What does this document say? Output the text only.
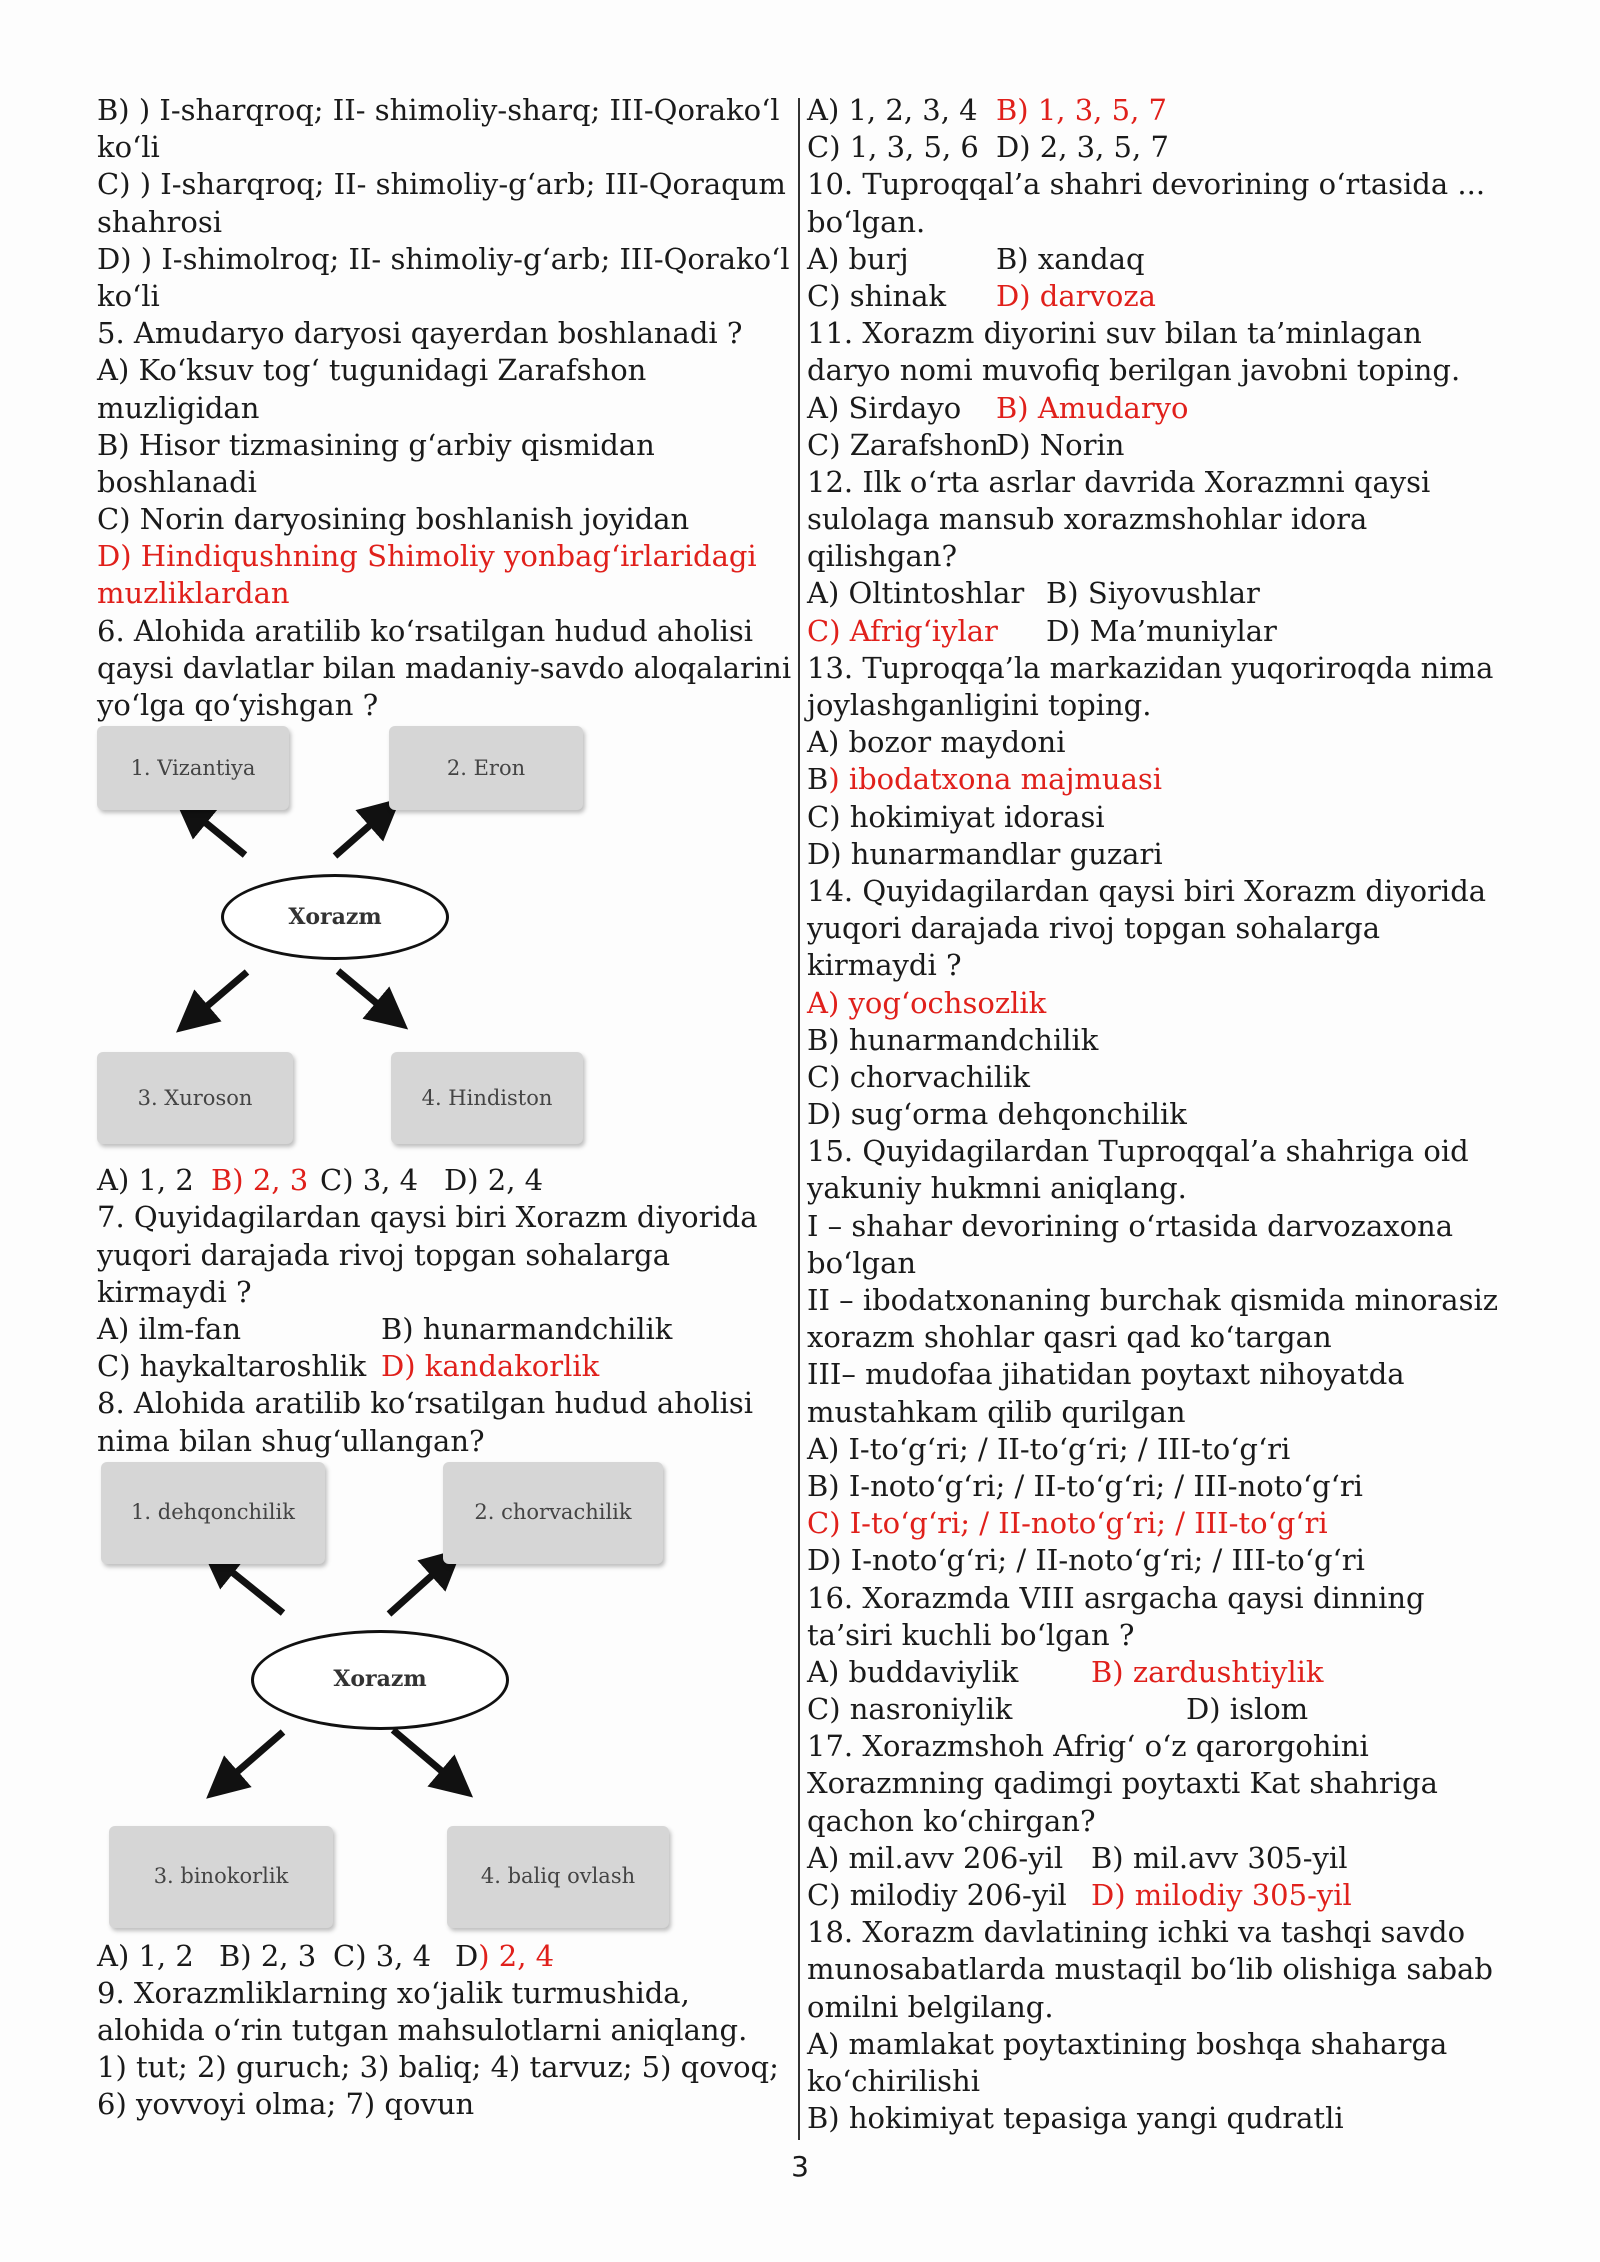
B) ) I-sharqroq; II- shimoliy-sharq; III-Qorako‘l
ko‘li
C) ) I-sharqroq; II- shimoliy-g‘arb; III-Qoraqum
shahrosi
D) ) I-shimolroq; II- shimoliy-g‘arb; III-Qorako‘l
ko‘li
5. Amudaryo daryosi qayerdan boshlanadi ?
A) Ko‘ksuv tog‘ tugunidagi Zarafshon
muzligidan
B) Hisor tizmasining g‘arbiy qismidan
boshlanadi
C) Norin daryosining boshlanish joyidan
D) Hindiqushning Shimoliy yonbag‘irlaridagi
muzliklardan
6. Alohida aratilib ko‘rsatilgan hudud aholisi
qaysi davlatlar bilan madaniy-savdo aloqalarini
yo‘lga qo‘yishgan ?
1. Vizantiya	2. Eron
Xorazm
3. Xuroson	4. Hindiston
A) 1, 2 B) 2, 3 C) 3, 4 D) 2, 4
7. Quyidagilardan qaysi biri Xorazm diyorida
yuqori darajada rivoj topgan sohalarga
kirmaydi ?
A) ilm-fan	B) hunarmandchilik
C) haykaltaroshlik D) kandakorlik
8. Alohida aratilib ko‘rsatilgan hudud aholisi
nima bilan shug‘ullangan?
1. dehqonchilik	2. chorvachilik
Xorazm
3. binokorlik	4. baliq ovlash
A) 1, 2 B) 2, 3 C) 3, 4 D) 2, 4
9. Xorazmliklarning xo‘jalik turmushida,
alohida o‘rin tutgan mahsulotlarni aniqlang.
1) tut; 2) guruch; 3) baliq; 4) tarvuz; 5) qovoq;
6) yovvoyi olma; 7) qovun
A) 1, 2, 3, 4 B) 1, 3, 5, 7
C) 1, 3, 5, 6 D) 2, 3, 5, 7
10. Tuproqqal’a shahri devorining o‘rtasida ...
bo‘lgan.
A) burj	B) xandaq
C) shinak D) darvoza
11. Xorazm diyorini suv bilan ta’minlagan
daryo nomi muvofiq berilgan javobni toping.
A) Sirdayo B) Amudaryo
C) ZarafshonD) Norin
12. Ilk o‘rta asrlar davrida Xorazmni qaysi
sulolaga mansub xorazmshohlar idora
qilishgan?
A) Oltintoshlar B) Siyovushlar
C) Afrig‘iylar D) Ma’muniylar
13. Tuproqqa’la markazidan yuqoriroqda nima
joylashganligini toping.
A) bozor maydoni
B) ibodatxona majmuasi
C) hokimiyat idorasi
D) hunarmandlar guzari
14. Quyidagilardan qaysi biri Xorazm diyorida
yuqori darajada rivoj topgan sohalarga
kirmaydi ?
A) yog‘ochsozlik
B) hunarmandchilik
C) chorvachilik
D) sug‘orma dehqonchilik
15. Quyidagilardan Tuproqqal’a shahriga oid
yakuniy hukmni aniqlang.
I – shahar devorining o‘rtasida darvozaxona
bo‘lgan
II – ibodatxonaning burchak qismida minorasiz
xorazm shohlar qasri qad ko‘targan
III– mudofaa jihatidan poytaxt nihoyatda
mustahkam qilib qurilgan
A) I-to‘g‘ri; / II-to‘g‘ri; / III-to‘g‘ri
B) I-noto‘g‘ri; / II-to‘g‘ri; / III-noto‘g‘ri
C) I-to‘g‘ri; / II-noto‘g‘ri; / III-to‘g‘ri
D) I-noto‘g‘ri; / II-noto‘g‘ri; / III-to‘g‘ri
16. Xorazmda VIII asrgacha qaysi dinning
ta’siri kuchli bo‘lgan ?
A) buddaviylik	B) zardushtiylik
C) nasroniylik	D) islom
17. Xorazmshoh Afrig‘ o‘z qarorgohini
Xorazmning qadimgi poytaxti Kat shahriga
qachon ko‘chirgan?
A) mil.avv 206-yil B) mil.avv 305-yil
C) milodiy 206-yil D) milodiy 305-yil
18. Xorazm davlatining ichki va tashqi savdo
munosabatlarda mustaqil bo‘lib olishiga sabab
omilni belgilang.
A) mamlakat poytaxtining boshqa shaharga
ko‘chirilishi
B) hokimiyat tepasiga yangi qudratli
3
